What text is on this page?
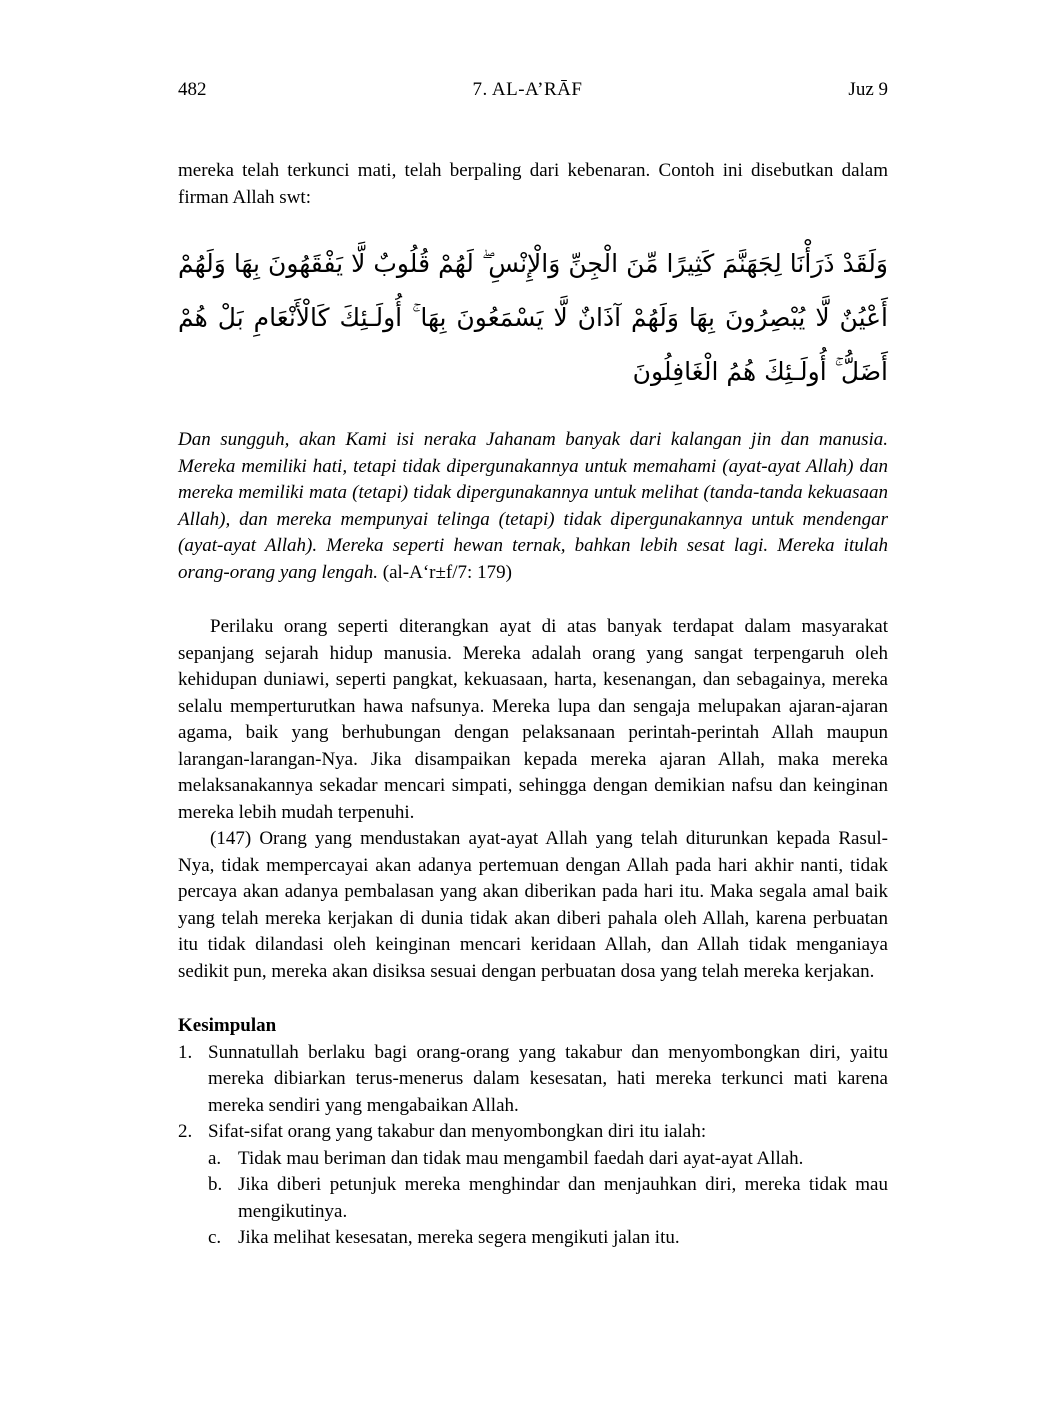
482	7. AL-A’RĀF	Juz 9

mereka telah terkunci mati, telah berpaling dari kebenaran. Contoh ini disebutkan dalam firman Allah swt:

وَلَقَدْ ذَرَأْنَا لِجَهَنَّمَ كَثِيرًا مِّنَ الْجِنِّ وَالْإِنْسِ ۖ لَهُمْ قُلُوبٌ لَّا يَفْقَهُونَ بِهَا وَلَهُمْ أَعْيُنٌ لَّا يُبْصِرُونَ بِهَا وَلَهُمْ آذَانٌ لَّا يَسْمَعُونَ بِهَا ۚ أُولَـئِكَ كَالْأَنْعَامِ بَلْ هُمْ أَضَلُّ ۚ أُولَـئِكَ هُمُ الْغَافِلُونَ

Dan sungguh, akan Kami isi neraka Jahanam banyak dari kalangan jin dan manusia. Mereka memiliki hati, tetapi tidak dipergunakannya untuk memahami (ayat-ayat Allah) dan mereka memiliki mata (tetapi) tidak dipergunakannya untuk melihat (tanda-tanda kekuasaan Allah), dan mereka mempunyai telinga (tetapi) tidak dipergunakannya untuk mendengar (ayat-ayat Allah). Mereka seperti hewan ternak, bahkan lebih sesat lagi. Mereka itulah orang-orang yang lengah. (al-A‘r±f/7: 179)

Perilaku orang seperti diterangkan ayat di atas banyak terdapat dalam masyarakat sepanjang sejarah hidup manusia. Mereka adalah orang yang sangat terpengaruh oleh kehidupan duniawi, seperti pangkat, kekuasaan, harta, kesenangan, dan sebagainya, mereka selalu memperturutkan hawa nafsunya. Mereka lupa dan sengaja melupakan ajaran-ajaran agama, baik yang berhubungan dengan pelaksanaan perintah-perintah Allah maupun larangan-larangan-Nya. Jika disampaikan kepada mereka ajaran Allah, maka mereka melaksanakannya sekadar mencari simpati, sehingga dengan demikian nafsu dan keinginan mereka lebih mudah terpenuhi.

(147) Orang yang mendustakan ayat-ayat Allah yang telah diturunkan kepada Rasul-Nya, tidak mempercayai akan adanya pertemuan dengan Allah pada hari akhir nanti, tidak percaya akan adanya pembalasan yang akan diberikan pada hari itu. Maka segala amal baik yang telah mereka kerjakan di dunia tidak akan diberi pahala oleh Allah, karena perbuatan itu tidak dilandasi oleh keinginan mencari keridaan Allah, dan Allah tidak menganiaya sedikit pun, mereka akan disiksa sesuai dengan perbuatan dosa yang telah mereka kerjakan.

Kesimpulan
1. Sunnatullah berlaku bagi orang-orang yang takabur dan menyombongkan diri, yaitu mereka dibiarkan terus-menerus dalam kesesatan, hati mereka terkunci mati karena mereka sendiri yang mengabaikan Allah.
2. Sifat-sifat orang yang takabur dan menyombongkan diri itu ialah:
a. Tidak mau beriman dan tidak mau mengambil faedah dari ayat-ayat Allah.
b. Jika diberi petunjuk mereka menghindar dan menjauhkan diri, mereka tidak mau mengikutinya.
c. Jika melihat kesesatan, mereka segera mengikuti jalan itu.
